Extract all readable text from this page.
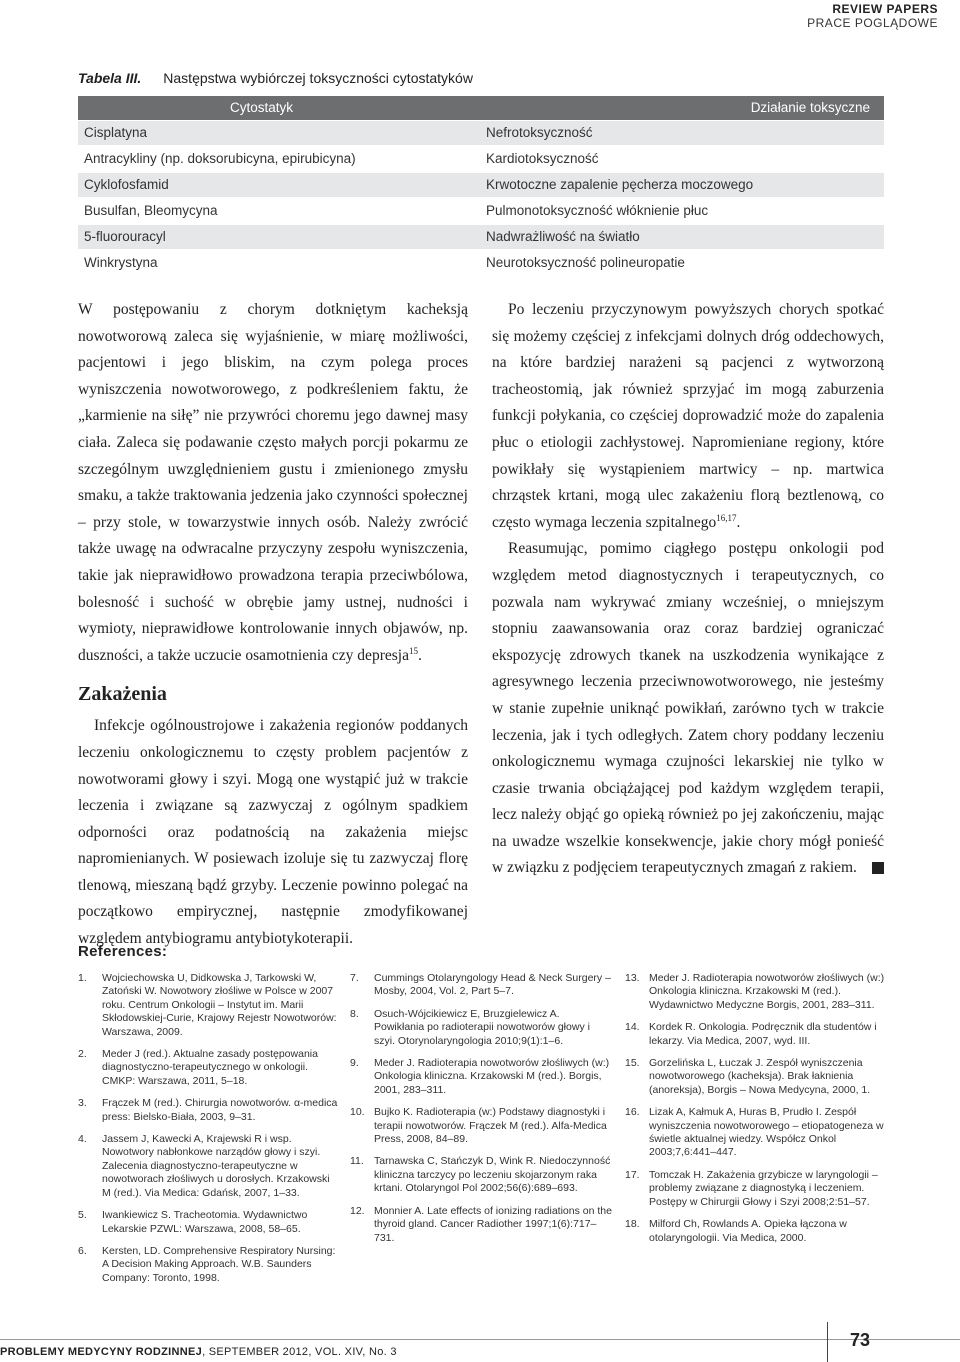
REVIEW PAPERS
PRACE POGLĄDOWE
Tabela III. Następstwa wybiórczej toksyczności cytostatyków
Cytostatyk	Działanie toksyczne
Cisplatyna	Nefrotoksyczność
Antracykliny (np. doksorubicyna, epirubicyna)	Kardiotoksyczność
Cyklofosfamid	Krwotoczne zapalenie pęcherza moczowego
Busulfan, Bleomycyna	Pulmonotoksyczność włóknienie płuc
5-fluorouracyl	Nadwrażliwość na światło
Winkrystyna	Neurotoksyczność polineuropatie

W postępowaniu z chorym dotkniętym kacheksją nowotworową zaleca się wyjaśnienie, w miarę możliwości, pacjentowi i jego bliskim, na czym polega proces wyniszczenia nowotworowego, z podkreśleniem faktu, że „karmienie na siłę” nie przywróci choremu jego dawnej masy ciała. Zaleca się podawanie często małych porcji pokarmu ze szczególnym uwzględnieniem gustu i zmienionego zmysłu smaku, a także traktowania jedzenia jako czynności społecznej – przy stole, w towarzystwie innych osób. Należy zwrócić także uwagę na odwracalne przyczyny zespołu wyniszczenia, takie jak nieprawidłowo prowadzona terapia przeciwbólowa, bolesność i suchość w obrębie jamy ustnej, nudności i wymioty, nieprawidłowe kontrolowanie innych objawów, np. duszności, a także uczucie osamotnienia czy depresja$^{15}$.

Zakażenia

Infekcje ogólnoustrojowe i zakażenia regionów poddanych leczeniu onkologicznemu to częsty problem pacjentów z nowotworami głowy i szyi. Mogą one wystąpić już w trakcie leczenia i związane są zazwyczaj z ogólnym spadkiem odporności oraz podatnością na zakażenia miejsc napromienianych. W posiewach izoluje się tu zazwyczaj florę tlenową, mieszaną bądź grzyby. Leczenie powinno polegać na początkowo empirycznej, następnie zmodyfikowanej względem antybiogramu antybiotykoterapii.

Po leczeniu przyczynowym powyższych chorych spotkać się możemy częściej z infekcjami dolnych dróg oddechowych, na które bardziej narażeni są pacjenci z wytworzoną tracheostomią, jak również sprzyjać im mogą zaburzenia funkcji połykania, co częściej doprowadzić może do zapalenia płuc o etiologii zachłystowej. Napromieniane regiony, które powikłały się wystąpieniem martwicy – np. martwica chrząstek krtani, mogą ulec zakażeniu florą beztlenową, co często wymaga leczenia szpitalnego$^{16,17}$.

Reasumując, pomimo ciągłego postępu onkologii pod względem metod diagnostycznych i terapeutycznych, co pozwala nam wykrywać zmiany wcześniej, o mniejszym stopniu zaawansowania oraz coraz bardziej ograniczać ekspozycję zdrowych tkanek na uszkodzenia wynikające z agresywnego leczenia przeciwnowotworowego, nie jesteśmy w stanie zupełnie uniknąć powikłań, zarówno tych w trakcie leczenia, jak i tych odległych. Zatem chory poddany leczeniu onkologicznemu wymaga czujności lekarskiej nie tylko w czasie trwania obciążającej pod każdym względem terapii, lecz należy objąć go opieką również po jej zakończeniu, mając na uwadze wszelkie konsekwencje, jakie chory mógł ponieść w związku z podjęciem terapeutycznych zmagań z rakiem.

References:
1.	Wojciechowska U, Didkowska J, Tarkowski W, Zatoński W. Nowotwory złośliwe w Polsce w 2007 roku. Centrum Onkologii – Instytut im. Marii Skłodowskiej-Curie, Krajowy Rejestr Nowotworów: Warszawa, 2009.
2.	Meder J (red.). Aktualne zasady postępowania diagnostyczno-terapeutycznego w onkologii. CMKP: Warszawa, 2011, 5–18.
3.	Frączek M (red.). Chirurgia nowotworów. α-medica press: Bielsko-Biała, 2003, 9–31.
4.	Jassem J, Kawecki A, Krajewski R i wsp. Nowotwory nabłonkowe narządów głowy i szyi. Zalecenia diagnostyczno-terapeutyczne w nowotworach złośliwych u dorosłych. Krzakowski M (red.). Via Medica: Gdańsk, 2007, 1–33.
5.	Iwankiewicz S. Tracheotomia. Wydawnictwo Lekarskie PZWL: Warszawa, 2008, 58–65.
6.	Kersten, LD. Comprehensive Respiratory Nursing: A Decision Making Approach. W.B. Saunders Company: Toronto, 1998.
7.	Cummings Otolaryngology Head & Neck Surgery – Mosby, 2004, Vol. 2, Part 5–7.
8.	Osuch-Wójcikiewicz E, Bruzgielewicz A. Powikłania po radioterapii nowotworów głowy i szyi. Otorynolaryngologia 2010;9(1):1–6.
9.	Meder J. Radioterapia nowotworów złośliwych (w:) Onkologia kliniczna. Krzakowski M (red.). Borgis, 2001, 283–311.
10. Bujko K. Radioterapia (w:) Podstawy diagnostyki i terapii nowotworów. Frączek M (red.). Alfa-Medica Press, 2008, 84–89.
11. Tarnawska C, Stańczyk D, Wink R. Niedoczynność kliniczna tarczycy po leczeniu skojarzonym raka krtani. Otolaryngol Pol 2002;56(6):689–693.
12. Monnier A. Late effects of ionizing radiations on the thyroid gland. Cancer Radiother 1997;1(6):717–731.
13. Meder J. Radioterapia nowotworów złośliwych (w:) Onkologia kliniczna. Krzakowski M (red.). Wydawnictwo Medyczne Borgis, 2001, 283–311.
14. Kordek R. Onkologia. Podręcznik dla studentów i lekarzy. Via Medica, 2007, wyd. III.
15. Gorzelińska L, Łuczak J. Zespół wyniszczenia nowotworowego (kacheksja). Brak łaknienia (anoreksja), Borgis – Nowa Medycyna, 2000, 1.
16. Lizak A, Kałmuk A, Huras B, Prudło I. Zespół wyniszczenia nowotworowego – etiopatogeneza w świetle aktualnej wiedzy. Współcz Onkol 2003;7,6:441–447.
17. Tomczak H. Zakażenia grzybicze w laryngologii – problemy związane z diagnostyką i leczeniem. Postępy w Chirurgii Głowy i Szyi 2008;2:51–57.
18. Milford Ch, Rowlands A. Opieka łączona w otolaryngologii. Via Medica, 2000.
PROBLEMY MEDYCYNY RODZINNEJ, SEPTEMBER 2012, VOL. XIV, No. 3
73
